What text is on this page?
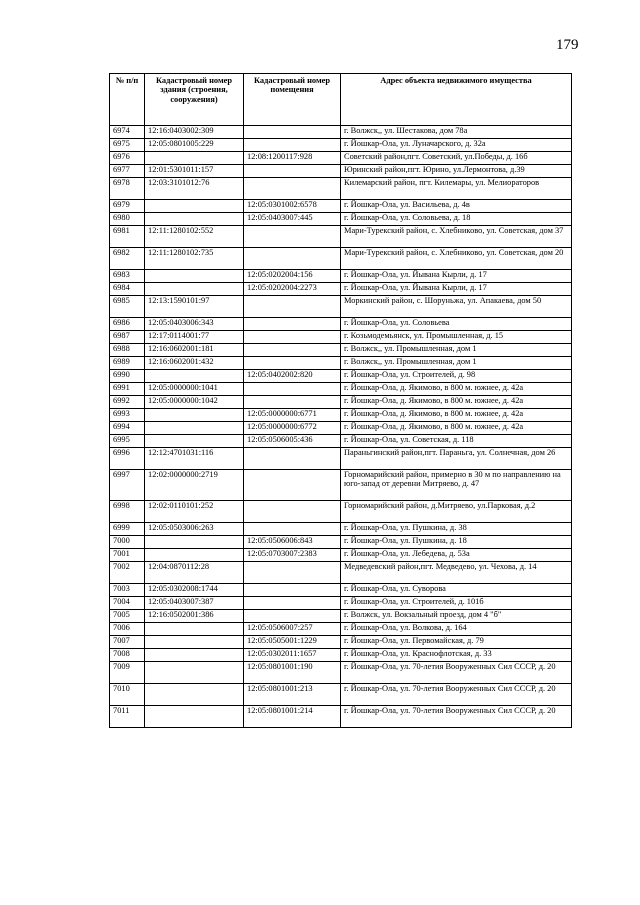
179
№ п/п	Кадастровый номер здания (строения, сооружения)	Кадастровый номер помещения	Адрес объекта недвижимого имущества
6974	12:16:0403002:309		г. Волжск,, ул. Шестакова, дом 78а
6975	12:05:0801005:229		г. Йошкар-Ола, ул. Луначарского, д. 32а
6976		12:08:1200117:928	Советский район,пгт. Советский, ул.Победы, д. 16б
6977	12:01:5301011:157		Юринский район,пгт. Юрино, ул.Лермонтова, д.39
6978	12:03:3101012:76		Килемарский район, пгт. Килемары, ул. Мелиораторов
6979		12:05:0301002:6578	г. Йошкар-Ола, ул. Васильева, д. 4в
6980		12:05:0403007:445	г. Йошкар-Ола, ул. Соловьева, д. 18
6981	12:11:1280102:552		Мари-Турекский район, с. Хлебниково, ул. Советская, дом 37
6982	12:11:1280102:735		Мари-Турекский район, с. Хлебниково, ул. Советская, дом 20
6983		12:05:0202004:156	г. Йошкар-Ола, ул. Йывана Кырли, д. 17
6984		12:05:0202004:2273	г. Йошкар-Ола, ул. Йывана Кырли, д. 17
6985	12:13:1590101:97		Моркинский район, с. Шоруньжа, ул. Апакаева, дом 50
6986	12:05:0403006:343		г. Йошкар-Ола, ул. Соловьева
6987	12:17:0114001:77		г. Козьмодемьянск, ул. Промышленная, д. 15
6988	12:16:0602001:181		г. Волжск,, ул. Промышленная, дом 1
6989	12:16:0602001:432		г. Волжск,, ул. Промышленная, дом 1
6990		12:05:0402002:820	г. Йошкар-Ола, ул. Строителей, д. 98
6991	12:05:0000000:1041		г. Йошкар-Ола, д. Якимово, в 800 м. южнее, д. 42а
6992	12:05:0000000:1042		г. Йошкар-Ола, д. Якимово, в 800 м. южнее, д. 42а
6993		12:05:0000000:6771	г. Йошкар-Ола, д. Якимово, в 800 м. южнее, д. 42а
6994		12:05:0000000:6772	г. Йошкар-Ола, д. Якимово, в 800 м. южнее, д. 42а
6995		12:05:0506005:436	г. Йошкар-Ола, ул. Советская, д. 118
6996	12:12:4701031:116		Параньгинский район,пгт. Параньга, ул. Солнечная, дом 26
6997	12:02:0000000:2719		Горномарийский район, примерно в 30 м по направлению на юго-запад от деревни Митряево, д. 47
6998	12:02:0110101:252		Горномарийский район, д.Митряево, ул.Парковая, д.2
6999	12:05:0503006:263		г. Йошкар-Ола, ул. Пушкина, д. 38
7000		12:05:0506006:843	г. Йошкар-Ола, ул. Пушкина, д. 18
7001		12:05:0703007:2383	г. Йошкар-Ола, ул. Лебедева, д. 53а
7002	12:04:0870112:28		Медведевский район,пгт. Медведево, ул. Чехова, д. 14
7003	12:05:0302008:1744		г. Йошкар-Ола, ул. Суворова
7004	12:05:0403007:387		г. Йошкар-Ола, ул. Строителей, д. 101б
7005	12:16:0502001:386		г. Волжск, ул. Вокзальный проезд, дом 4 "б"
7006		12:05:0506007:257	г. Йошкар-Ола, ул. Волкова, д. 164
7007		12:05:0505001:1229	г. Йошкар-Ола, ул. Первомайская, д. 79
7008		12:05:0302011:1657	г. Йошкар-Ола, ул. Краснофлотская, д. 33
7009		12:05:0801001:190	г. Йошкар-Ола, ул. 70-летия Вооруженных Сил СССР, д. 20
7010		12:05:0801001:213	г. Йошкар-Ола, ул. 70-летия Вооруженных Сил СССР, д. 20
7011		12:05:0801001:214	г. Йошкар-Ола, ул. 70-летия Вооруженных Сил СССР, д. 20
